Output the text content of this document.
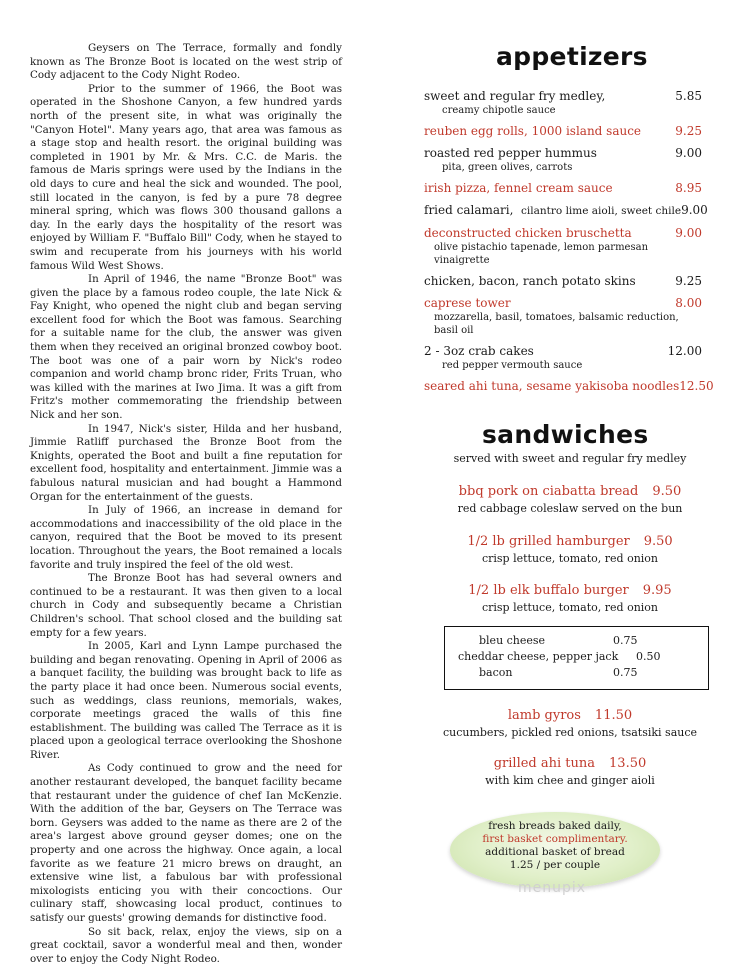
Geysers on The Terrace, formally and fondly known as The Bronze Boot is located on the west strip of Cody adjacent to the Cody Night Rodeo.

Prior to the summer of 1966, the Boot was operated in the Shoshone Canyon, a few hundred yards north of the present site, in what was originally the "Canyon Hotel". Many years ago, that area was famous as a stage stop and health resort. the original building was completed in 1901 by Mr. & Mrs. C.C. de Maris. the famous de Maris springs were used by the Indians in the old days to cure and heal the sick and wounded. The pool, still located in the canyon, is fed by a pure 78 degree mineral spring, which was flows 300 thousand gallons a day. In the early days the hospitality of the resort was enjoyed by William F. "Buffalo Bill" Cody, when he stayed to swim and recuperate from his journeys with his world famous Wild West Shows.

In April of 1946, the name "Bronze Boot" was given the place by a famous rodeo couple, the late Nick & Fay Knight, who opened the night club and began serving excellent food for which the Boot was famous. Searching for a suitable name for the club, the answer was given them when they received an original bronzed cowboy boot. The boot was one of a pair worn by Nick's rodeo companion and world champ bronc rider, Frits Truan, who was killed with the marines at Iwo Jima. It was a gift from Fritz's mother commemorating the friendship between Nick and her son.

In 1947, Nick's sister, Hilda and her husband, Jimmie Ratliff purchased the Bronze Boot from the Knights, operated the Boot and built a fine reputation for excellent food, hospitality and entertainment. Jimmie was a fabulous natural musician and had bought a Hammond Organ for the entertainment of the guests.

In July of 1966, an increase in demand for accommodations and inaccessibility of the old place in the canyon, required that the Boot be moved to its present location. Throughout the years, the Boot remained a locals favorite and truly inspired the feel of the old west.

The Bronze Boot has had several owners and continued to be a restaurant. It was then given to a local church in Cody and subsequently became a Christian Children's school. That school closed and the building sat empty for a few years.

In 2005, Karl and Lynn Lampe purchased the building and began renovating. Opening in April of 2006 as a banquet facility, the building was brought back to life as the party place it had once been. Numerous social events, such as weddings, class reunions, memorials, wakes, corporate meetings graced the walls of this fine establishment. The building was called The Terrace as it is placed upon a geological terrace overlooking the Shoshone River.

As Cody continued to grow and the need for another restaurant developed, the banquet facility became that restaurant under the guidence of chef Ian McKenzie. With the addition of the bar, Geysers on The Terrace was born. Geysers was added to the name as there are 2 of the area's largest above ground geyser domes; one on the property and one across the highway. Once again, a local favorite as we feature 21 micro brews on draught, an extensive wine list, a fabulous bar with professional mixologists enticing you with their concoctions. Our culinary staff, showcasing local product, continues to satisfy our guests' growing demands for distinctive food.

So sit back, relax, enjoy the views, sip on a great cocktail, savor a wonderful meal and then, wonder over to enjoy the Cody Night Rodeo.

appetizers
sweet and regular fry medley,	5.85
creamy chipotle sauce
reuben egg rolls, 1000 island sauce	9.25
roasted red pepper hummus	9.00
pita, green olives, carrots
irish pizza, fennel cream sauce	8.95
fried calamari, cilantro lime aioli, sweet chile 9.00
deconstructed chicken bruschetta	9.00
olive pistachio tapenade, lemon parmesan vinaigrette
chicken, bacon, ranch potato skins	9.25
caprese tower	8.00
mozzarella, basil, tomatoes, balsamic reduction, basil oil
2 - 3oz crab cakes	12.00
red pepper vermouth sauce
seared ahi tuna, sesame yakisoba noodles 12.50
sandwiches
served with sweet and regular fry medley
bbq pork on ciabatta bread 9.50
red cabbage coleslaw served on the bun
1/2 lb grilled hamburger 9.50
crisp lettuce, tomato, red onion
1/2 lb elk buffalo burger 9.95
crisp lettuce, tomato, red onion
bleu cheese	0.75
cheddar cheese, pepper jack 0.50
bacon	0.75
lamb gyros 11.50
cucumbers, pickled red onions, tsatsiki sauce
grilled ahi tuna 13.50
with kim chee and ginger aioli
fresh breads baked daily,
first basket complimentary.
additional basket of bread
1.25 / per couple
menupix
